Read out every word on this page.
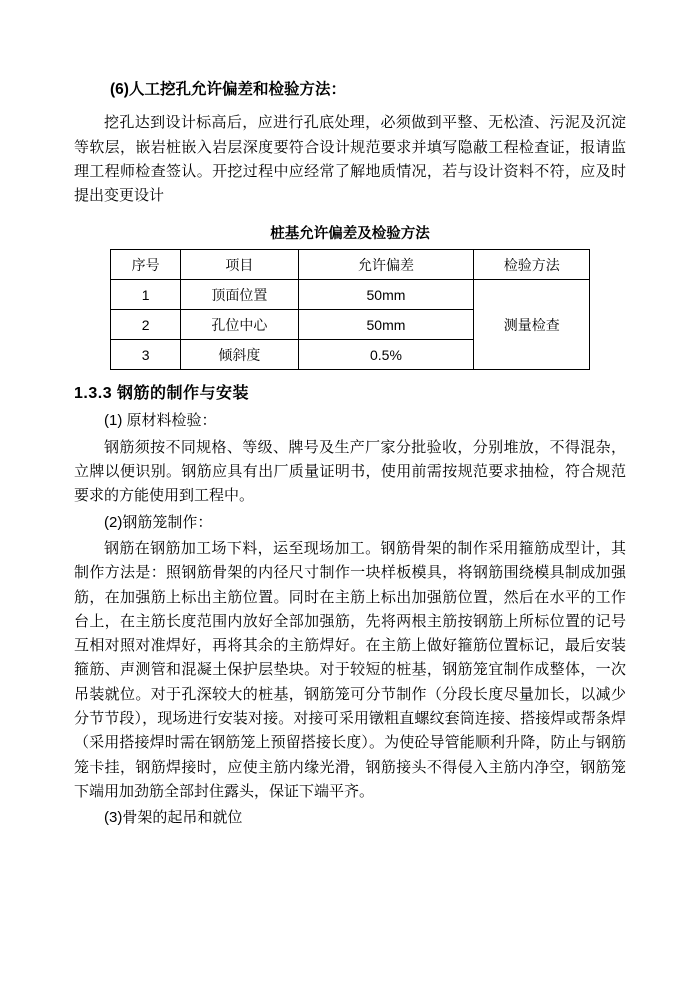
(6)人工挖孔允许偏差和检验方法：

挖孔达到设计标高后，应进行孔底处理，必须做到平整、无松渣、污泥及沉淀等软层，嵌岩桩嵌入岩层深度要符合设计规范要求并填写隐蔽工程检查证，报请监理工程师检查签认。开挖过程中应经常了解地质情况，若与设计资料不符，应及时提出变更设计

桩基允许偏差及检验方法
序号	项目	允许偏差	检验方法
1	顶面位置	50mm	测量检查
2	孔位中心	50mm	
3	倾斜度	0.5%	
1.3.3 钢筋的制作与安装

(1) 原材料检验：

钢筋须按不同规格、等级、牌号及生产厂家分批验收，分别堆放，不得混杂，立牌以便识别。钢筋应具有出厂质量证明书，使用前需按规范要求抽检，符合规范要求的方能使用到工程中。

(2)钢筋笼制作：

钢筋在钢筋加工场下料，运至现场加工。钢筋骨架的制作采用箍筋成型计，其制作方法是：照钢筋骨架的内径尺寸制作一块样板模具，将钢筋围绕模具制成加强筋，在加强筋上标出主筋位置。同时在主筋上标出加强筋位置，然后在水平的工作台上，在主筋长度范围内放好全部加强筋，先将两根主筋按钢筋上所标位置的记号互相对照对准焊好，再将其余的主筋焊好。在主筋上做好箍筋位置标记，最后安装箍筋、声测管和混凝土保护层垫块。对于较短的桩基，钢筋笼宜制作成整体，一次吊装就位。对于孔深较大的桩基，钢筋笼可分节制作（分段长度尽量加长，以减少分节节段），现场进行安装对接。对接可采用镦粗直螺纹套筒连接、搭接焊或帮条焊（采用搭接焊时需在钢筋笼上预留搭接长度）。为使砼导管能顺利升降，防止与钢筋笼卡挂，钢筋焊接时，应使主筋内缘光滑，钢筋接头不得侵入主筋内净空，钢筋笼下端用加劲筋全部封住露头，保证下端平齐。

(3)骨架的起吊和就位
